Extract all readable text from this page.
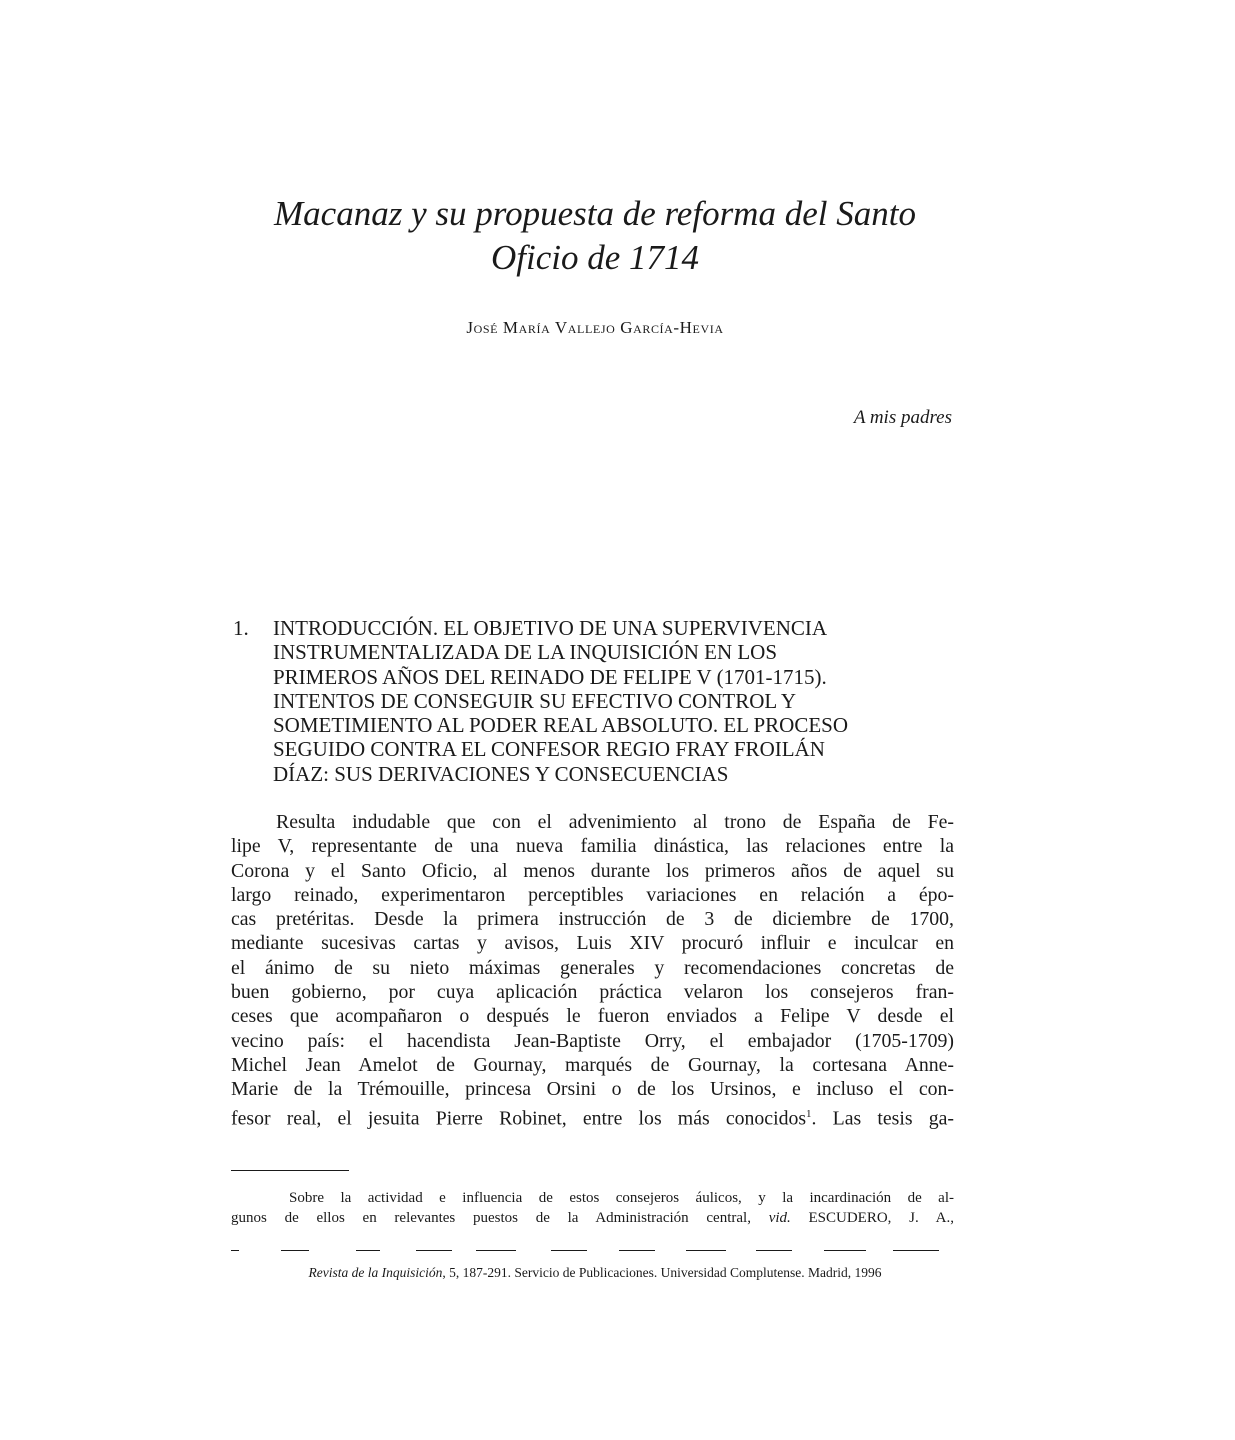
Macanaz y su propuesta de reforma del Santo
Oficio de 1714
José María Vallejo García-Hevia
A mis padres
1. INTRODUCCIÓN. EL OBJETIVO DE UNA SUPERVIVENCIA
INSTRUMENTALIZADA DE LA INQUISICIÓN EN LOS
PRIMEROS AÑOS DEL REINADO DE FELIPE V (1701-1715).
INTENTOS DE CONSEGUIR SU EFECTIVO CONTROL Y
SOMETIMIENTO AL PODER REAL ABSOLUTO. EL PROCESO
SEGUIDO CONTRA EL CONFESOR REGIO FRAY FROILÁN
DÍAZ: SUS DERIVACIONES Y CONSECUENCIAS
Resulta indudable que con el advenimiento al trono de España de Fe-
lipe V, representante de una nueva familia dinástica, las relaciones entre la
Corona y el Santo Oficio, al menos durante los primeros años de aquel su
largo reinado, experimentaron perceptibles variaciones en relación a épo-
cas pretéritas. Desde la primera instrucción de 3 de diciembre de 1700,
mediante sucesivas cartas y avisos, Luis XIV procuró influir e inculcar en
el ánimo de su nieto máximas generales y recomendaciones concretas de
buen gobierno, por cuya aplicación práctica velaron los consejeros fran-
ceses que acompañaron o después le fueron enviados a Felipe V desde el
vecino país: el hacendista Jean-Baptiste Orry, el embajador (1705-1709)
Michel Jean Amelot de Gournay, marqués de Gournay, la cortesana Anne-
Marie de la Trémouille, princesa Orsini o de los Ursinos, e incluso el con-
fesor real, el jesuita Pierre Robinet, entre los más conocidos$^1$. Las tesis ga-
Sobre la actividad e influencia de estos consejeros áulicos, y la incardinación de al-
gunos de ellos en relevantes puestos de la Administración central, vid. ESCUDERO, J. A.,
Revista de la Inquisición, 5, 187-291. Servicio de Publicaciones. Universidad Complutense. Madrid, 1996
